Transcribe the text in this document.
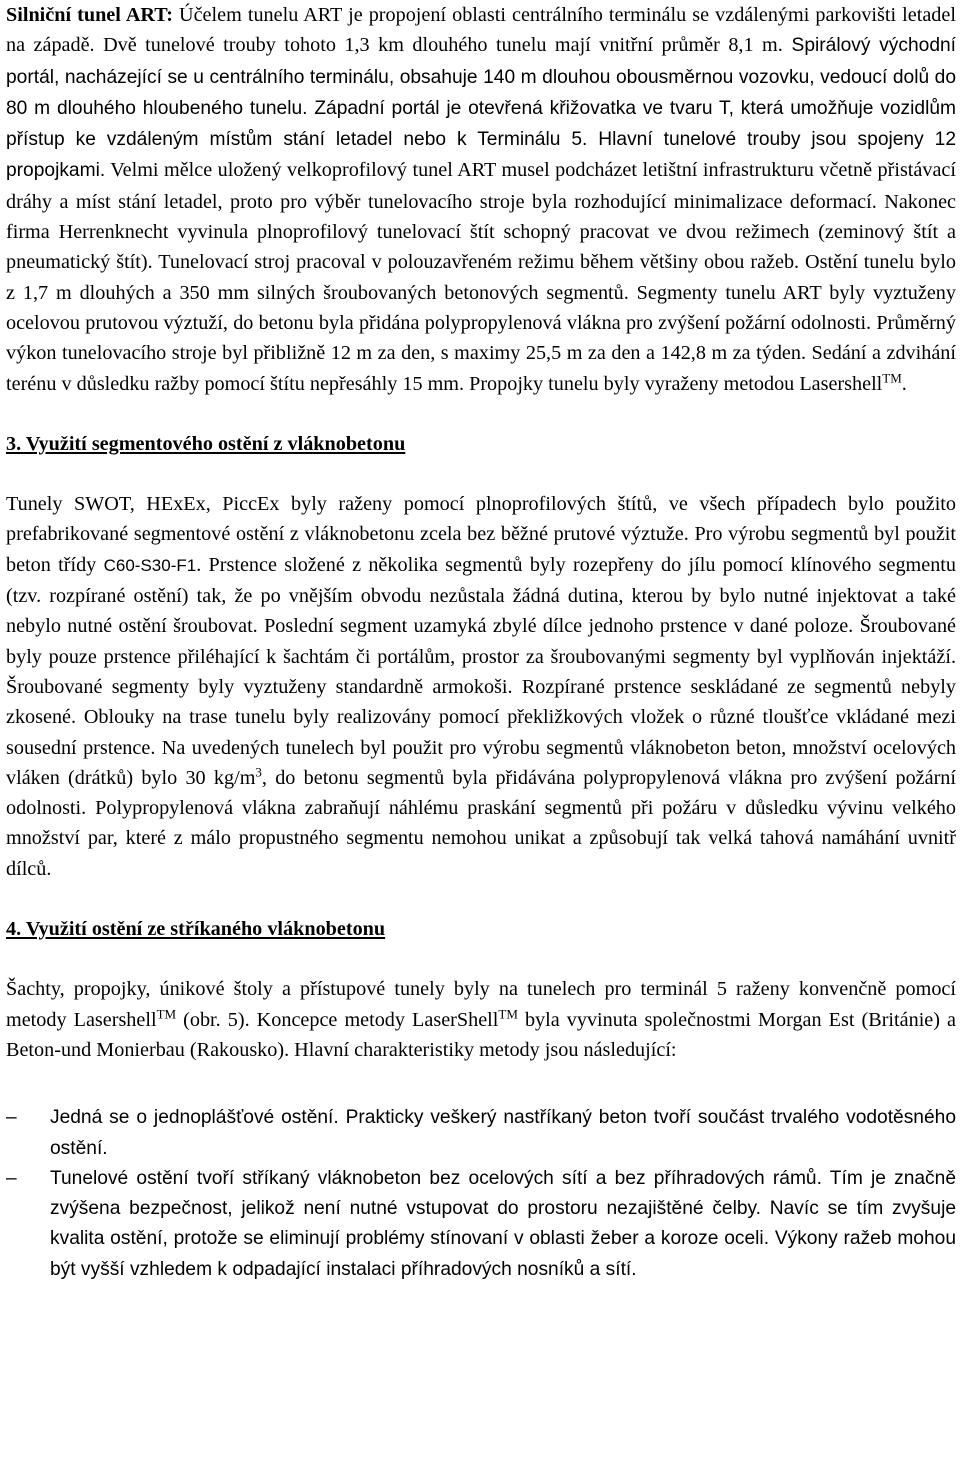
Silniční tunel ART: Účelem tunelu ART je propojení oblasti centrálního terminálu se vzdálenými parkovišti letadel na západě. Dvě tunelové trouby tohoto 1,3 km dlouhého tunelu mají vnitřní průměr 8,1 m. Spirálový východní portál, nacházející se u centrálního terminálu, obsahuje 140 m dlouhou obousměrnou vozovku, vedoucí dolů do 80 m dlouhého hloubeného tunelu. Západní portál je otevřená křižovatka ve tvaru T, která umožňuje vozidlům přístup ke vzdáleným místům stání letadel nebo k Terminálu 5. Hlavní tunelové trouby jsou spojeny 12 propojkami. Velmi mělce uložený velkoprofilový tunel ART musel podcházet letištní infrastrukturu včetně přistávací dráhy a míst stání letadel, proto pro výběr tunelovacího stroje byla rozhodující minimalizace deformací. Nakonec firma Herrenknecht vyvinula plnoprofilový tunelovací štít schopný pracovat ve dvou režimech (zeminový štít a pneumatický štít). Tunelovací stroj pracoval v polouzavřeném režimu během většiny obou ražeb. Ostění tunelu bylo z 1,7 m dlouhých a 350 mm silných šroubovaných betonových segmentů. Segmenty tunelu ART byly vyztuženy ocelovou prutovou výztuží, do betonu byla přidána polypropylenová vlákna pro zvýšení požární odolnosti. Průměrný výkon tunelovacího stroje byl přibližně 12 m za den, s maximy 25,5 m za den a 142,8 m za týden. Sedání a zdvihání terénu v důsledku ražby pomocí štítu nepřesáhly 15 mm. Propojky tunelu byly vyraženy metodou Lasershell™.

3. Využití segmentového ostění z vláknobetonu

Tunely SWOT, HExEx, PiccEx byly raženy pomocí plnoprofilových štítů, ve všech případech bylo použito prefabrikované segmentové ostění z vláknobetonu zcela bez běžné prutové výztuže. Pro výrobu segmentů byl použit beton třídy C60-S30-F1. Prstence složené z několika segmentů byly rozepřeny do jílu pomocí klínového segmentu (tzv. rozpírané ostění) tak, že po vnějším obvodu nezůstala žádná dutina, kterou by bylo nutné injektovat a také nebylo nutné ostění šroubovat. Poslední segment uzamyká zbylé dílce jednoho prstence v dané poloze. Šroubované byly pouze prstence přiléhající k šachtám či portálům, prostor za šroubovanými segmenty byl vyplňován injektáží. Šroubované segmenty byly vyztuženy standardně armokoši. Rozpírané prstence seskládané ze segmentů nebyly zkosené. Oblouky na trase tunelu byly realizovány pomocí překližkových vložek o různé tloušťce vkládané mezi sousední prstence. Na uvedených tunelech byl použit pro výrobu segmentů vláknobeton beton, množství ocelových vláken (drátků) bylo 30 $kg/m^3$, do betonu segmentů byla přidávána polypropylenová vlákna pro zvýšení požární odolnosti. Polypropylenová vlákna zabraňují náhlému praskání segmentů při požáru v důsledku vývinu velkého množství par, které z málo propustného segmentu nemohou unikat a způsobují tak velká tahová namáhání uvnitř dílců.

4. Využití ostění ze stříkaného vláknobetonu

Šachty, propojky, únikové štoly a přístupové tunely byly na tunelech pro terminál 5 raženy konvenčně pomocí metody Lasershell™ (obr. 5). Koncepce metody LaserShell™ byla vyvinuta společnostmi Morgan Est (Británie) a Beton-und Monierbau (Rakousko). Hlavní charakteristiky metody jsou následující:

– Jedná se o jednoplášťové ostění. Prakticky veškerý nastříkaný beton tvoří součást trvalého vodotěsného ostění.
– Tunelové ostění tvoří stříkaný vláknobeton bez ocelových sítí a bez příhradových rámů. Tím je značně zvýšena bezpečnost, jelikož není nutné vstupovat do prostoru nezajištěné čelby. Navíc se tím zvyšuje kvalita ostění, protože se eliminují problémy stínovaní v oblasti žeber a koroze oceli. Výkony ražeb mohou být vyšší vzhledem k odpadající instalaci příhradových nosníků a sítí.
